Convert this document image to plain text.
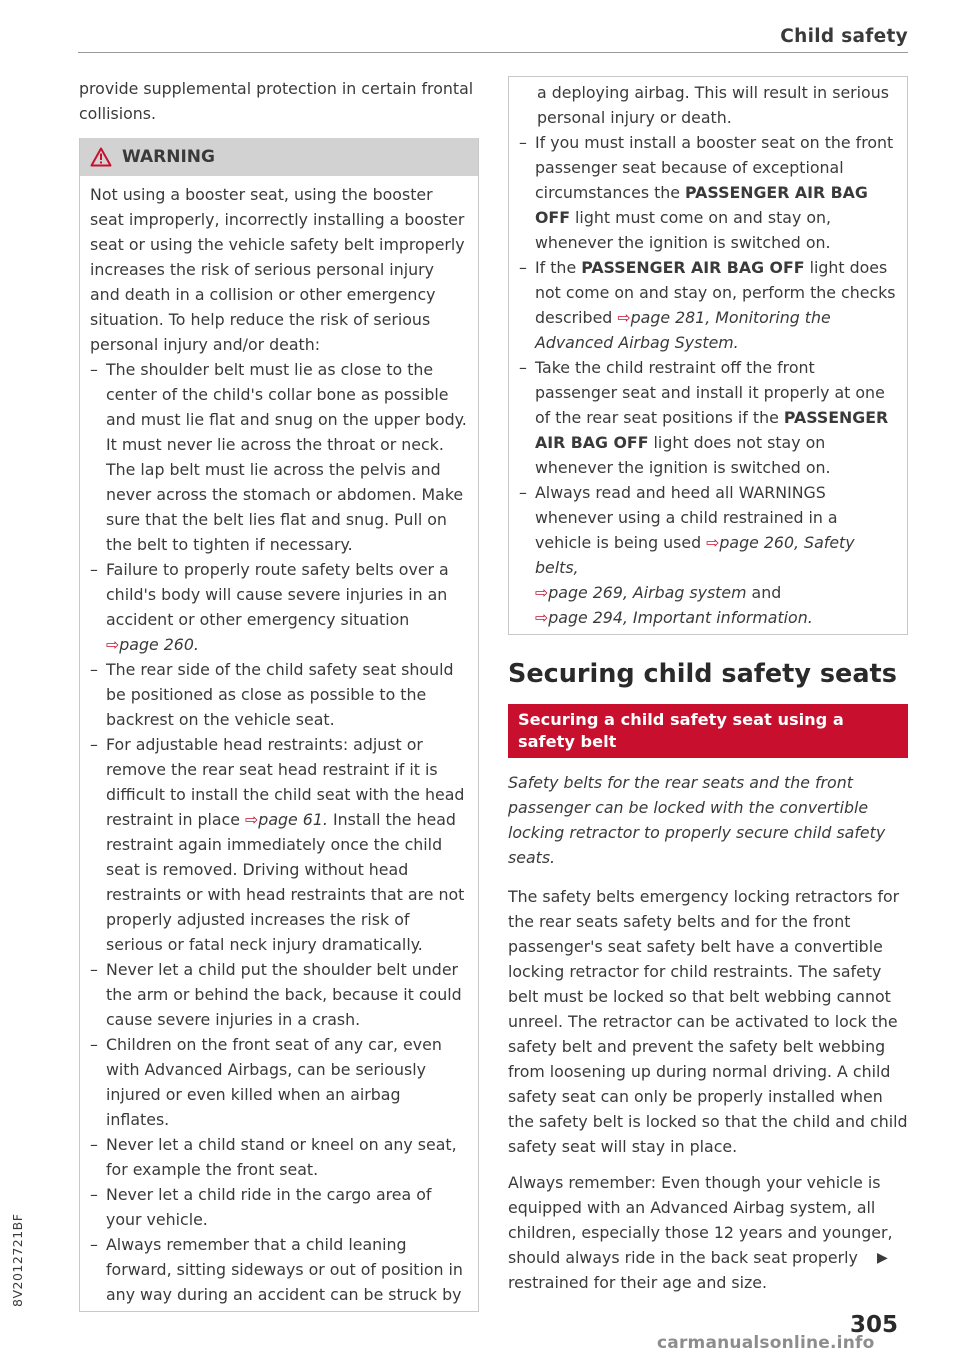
Child safety

provide supplemental protection in certain frontal collisions.

WARNING

Not using a booster seat, using the booster seat improperly, incorrectly installing a booster seat or using the vehicle safety belt improperly increases the risk of serious personal injury and death in a collision or other emergency situation. To help reduce the risk of serious personal injury and/or death:

– The shoulder belt must lie as close to the center of the child's collar bone as possible and must lie flat and snug on the upper body. It must never lie across the throat or neck. The lap belt must lie across the pelvis and never across the stomach or abdomen. Make sure that the belt lies flat and snug. Pull on the belt to tighten if necessary.
– Failure to properly route safety belts over a child's body will cause severe injuries in an accident or other emergency situation
⇨page 260.
– The rear side of the child safety seat should be positioned as close as possible to the backrest on the vehicle seat.
– For adjustable head restraints: adjust or remove the rear seat head restraint if it is difficult to install the child seat with the head restraint in place ⇨page 61. Install the head restraint again immediately once the child seat is removed. Driving without head restraints or with head restraints that are not properly adjusted increases the risk of serious or fatal neck injury dramatically.
– Never let a child put the shoulder belt under the arm or behind the back, because it could cause severe injuries in a crash.
– Children on the front seat of any car, even with Advanced Airbags, can be seriously injured or even killed when an airbag inflates.
– Never let a child stand or kneel on any seat, for example the front seat.
– Never let a child ride in the cargo area of your vehicle.
– Always remember that a child leaning forward, sitting sideways or out of position in any way during an accident can be struck by

a deploying airbag. This will result in serious personal injury or death.

– If you must install a booster seat on the front passenger seat because of exceptional circumstances the PASSENGER AIR BAG OFF light must come on and stay on, whenever the ignition is switched on.
– If the PASSENGER AIR BAG OFF light does not come on and stay on, perform the checks described ⇨page 281, Monitoring the Advanced Airbag System.
– Take the child restraint off the front passenger seat and install it properly at one of the rear seat positions if the PASSENGER AIR BAG OFF light does not stay on whenever the ignition is switched on.
– Always read and heed all WARNINGS whenever using a child restrained in a vehicle is being used ⇨page 260, Safety belts,
⇨page 269, Airbag system and
⇨page 294, Important information.
Securing child safety seats
Securing a child safety seat using a safety belt

Safety belts for the rear seats and the front passenger can be locked with the convertible locking retractor to properly secure child safety seats.

The safety belts emergency locking retractors for the rear seats safety belts and for the front passenger's seat safety belt have a convertible locking retractor for child restraints. The safety belt must be locked so that belt webbing cannot unreel. The retractor can be activated to lock the safety belt and prevent the safety belt webbing from loosening up during normal driving. A child safety seat can only be properly installed when the safety belt is locked so that the child and child safety seat will stay in place.

Always remember: Even though your vehicle is equipped with an Advanced Airbag system, all children, especially those 12 years and younger, should always ride in the back seat properly restrained for their age and size.

▶
305
8V2012721BF
carmanualsonline.info
